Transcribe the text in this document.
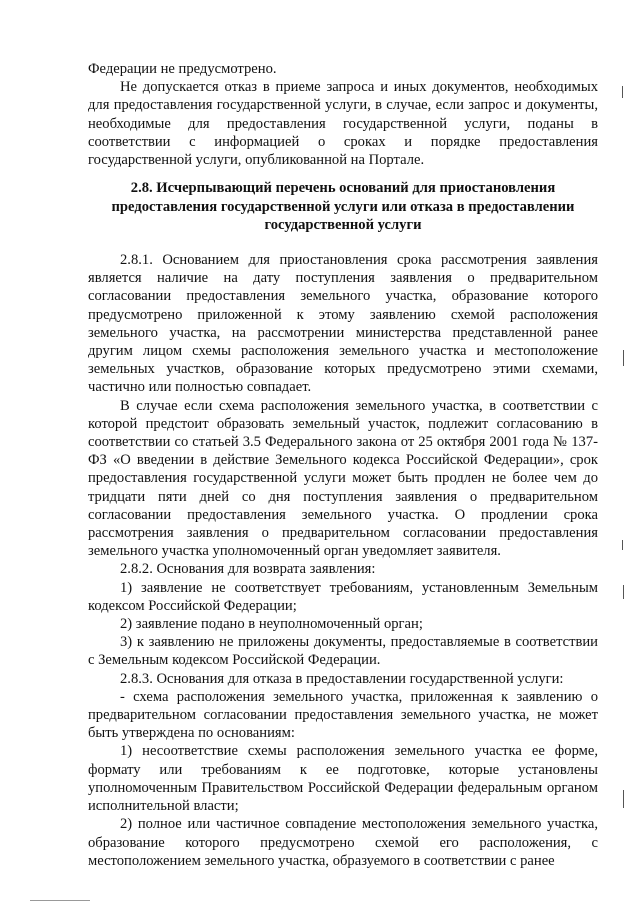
Федерации не предусмотрено.

Не допускается отказ в приеме запроса и иных документов, необходимых для предоставления государственной услуги, в случае, если запрос и документы, необходимые для предоставления государственной услуги, поданы в соответствии с информацией о сроках и порядке предоставления государственной услуги, опубликованной на Портале.

2.8. Исчерпывающий перечень оснований для приостановления предоставления государственной услуги или отказа в предоставлении государственной услуги

2.8.1. Основанием для приостановления срока рассмотрения заявления является наличие на дату поступления заявления о предварительном согласовании предоставления земельного участка, образование которого предусмотрено приложенной к этому заявлению схемой расположения земельного участка, на рассмотрении министерства представленной ранее другим лицом схемы расположения земельного участка и местоположение земельных участков, образование которых предусмотрено этими схемами, частично или полностью совпадает.

В случае если схема расположения земельного участка, в соответствии с которой предстоит образовать земельный участок, подлежит согласованию в соответствии со статьей 3.5 Федерального закона от 25 октября 2001 года № 137-ФЗ «О введении в действие Земельного кодекса Российской Федерации», срок предоставления государственной услуги может быть продлен не более чем до тридцати пяти дней со дня поступления заявления о предварительном согласовании предоставления земельного участка. О продлении срока рассмотрения заявления о предварительном согласовании предоставления земельного участка уполномоченный орган уведомляет заявителя.

2.8.2. Основания для возврата заявления:

1) заявление не соответствует требованиям, установленным Земельным кодексом Российской Федерации;

2) заявление подано в неуполномоченный орган;

3) к заявлению не приложены документы, предоставляемые в соответствии с Земельным кодексом Российской Федерации.

2.8.3. Основания для отказа в предоставлении государственной услуги:

- схема расположения земельного участка, приложенная к заявлению о предварительном согласовании предоставления земельного участка, не может быть утверждена по основаниям:

1) несоответствие схемы расположения земельного участка ее форме, формату или требованиям к ее подготовке, которые установлены уполномоченным Правительством Российской Федерации федеральным органом исполнительной власти;

2) полное или частичное совпадение местоположения земельного участка, образование которого предусмотрено схемой его расположения, с местоположением земельного участка, образуемого в соответствии с ранее
